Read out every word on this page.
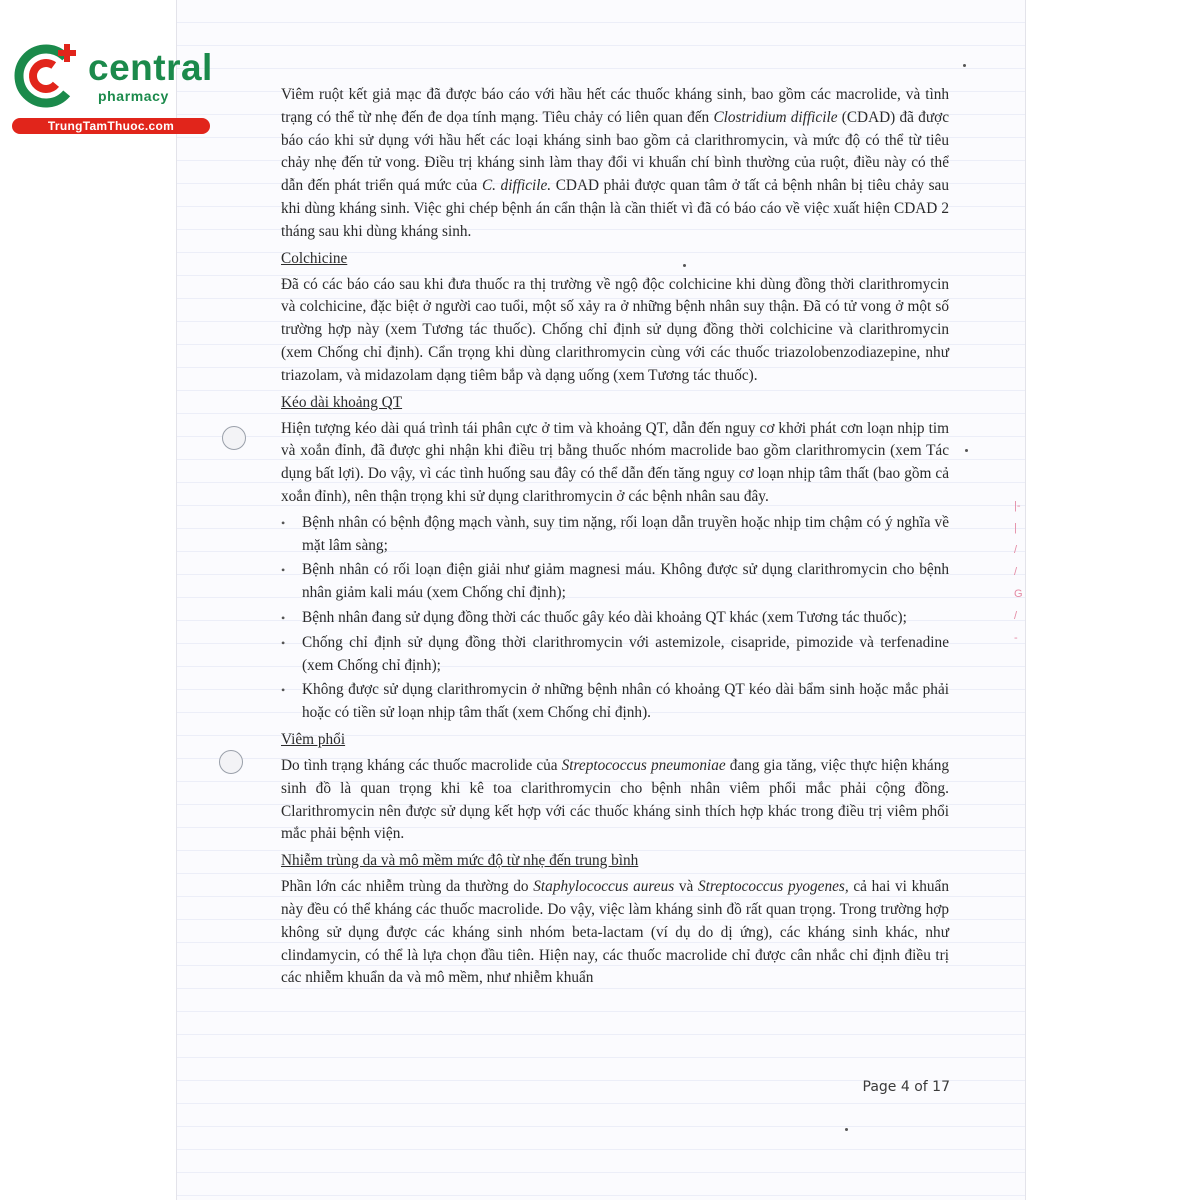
|-
|
/
/
G
/
-
central
pharmacy
TrungTamThuoc.com

Viêm ruột kết giả mạc đã được báo cáo với hầu hết các thuốc kháng sinh, bao gồm các macrolide, và tình trạng có thể từ nhẹ đến đe dọa tính mạng. Tiêu chảy có liên quan đến Clostridium difficile (CDAD) đã được báo cáo khi sử dụng với hầu hết các loại kháng sinh bao gồm cả clarithromycin, và mức độ có thể từ tiêu chảy nhẹ đến tử vong. Điều trị kháng sinh làm thay đổi vi khuẩn chí bình thường của ruột, điều này có thể dẫn đến phát triển quá mức của C. difficile. CDAD phải được quan tâm ở tất cả bệnh nhân bị tiêu chảy sau khi dùng kháng sinh. Việc ghi chép bệnh án cẩn thận là cần thiết vì đã có báo cáo về việc xuất hiện CDAD 2 tháng sau khi dùng kháng sinh.

Colchicine

Đã có các báo cáo sau khi đưa thuốc ra thị trường về ngộ độc colchicine khi dùng đồng thời clarithromycin và colchicine, đặc biệt ở người cao tuổi, một số xảy ra ở những bệnh nhân suy thận. Đã có tử vong ở một số trường hợp này (xem Tương tác thuốc). Chống chỉ định sử dụng đồng thời colchicine và clarithromycin (xem Chống chỉ định). Cẩn trọng khi dùng clarithromycin cùng với các thuốc triazolobenzodiazepine, như triazolam, và midazolam dạng tiêm bắp và dạng uống (xem Tương tác thuốc).

Kéo dài khoảng QT

Hiện tượng kéo dài quá trình tái phân cực ở tim và khoảng QT, dẫn đến nguy cơ khởi phát cơn loạn nhịp tim và xoắn đỉnh, đã được ghi nhận khi điều trị bằng thuốc nhóm macrolide bao gồm clarithromycin (xem Tác dụng bất lợi). Do vậy, vì các tình huống sau đây có thể dẫn đến tăng nguy cơ loạn nhịp tâm thất (bao gồm cả xoắn đỉnh), nên thận trọng khi sử dụng clarithromycin ở các bệnh nhân sau đây.

• Bệnh nhân có bệnh động mạch vành, suy tim nặng, rối loạn dẫn truyền hoặc nhịp tim chậm có ý nghĩa về mặt lâm sàng;
• Bệnh nhân có rối loạn điện giải như giảm magnesi máu. Không được sử dụng clarithromycin cho bệnh nhân giảm kali máu (xem Chống chỉ định);
• Bệnh nhân đang sử dụng đồng thời các thuốc gây kéo dài khoảng QT khác (xem Tương tác thuốc);
• Chống chỉ định sử dụng đồng thời clarithromycin với astemizole, cisapride, pimozide và terfenadine (xem Chống chỉ định);
• Không được sử dụng clarithromycin ở những bệnh nhân có khoảng QT kéo dài bẩm sinh hoặc mắc phải hoặc có tiền sử loạn nhịp tâm thất (xem Chống chỉ định).
Viêm phổi

Do tình trạng kháng các thuốc macrolide của Streptococcus pneumoniae đang gia tăng, việc thực hiện kháng sinh đồ là quan trọng khi kê toa clarithromycin cho bệnh nhân viêm phổi mắc phải cộng đồng. Clarithromycin nên được sử dụng kết hợp với các thuốc kháng sinh thích hợp khác trong điều trị viêm phổi mắc phải bệnh viện.

Nhiễm trùng da và mô mềm mức độ từ nhẹ đến trung bình

Phần lớn các nhiễm trùng da thường do Staphylococcus aureus và Streptococcus pyogenes, cả hai vi khuẩn này đều có thể kháng các thuốc macrolide. Do vậy, việc làm kháng sinh đồ rất quan trọng. Trong trường hợp không sử dụng được các kháng sinh nhóm beta-lactam (ví dụ do dị ứng), các kháng sinh khác, như clindamycin, có thể là lựa chọn đầu tiên. Hiện nay, các thuốc macrolide chỉ được cân nhắc chỉ định điều trị các nhiễm khuẩn da và mô mềm, như nhiễm khuẩn

Page 4 of 17
